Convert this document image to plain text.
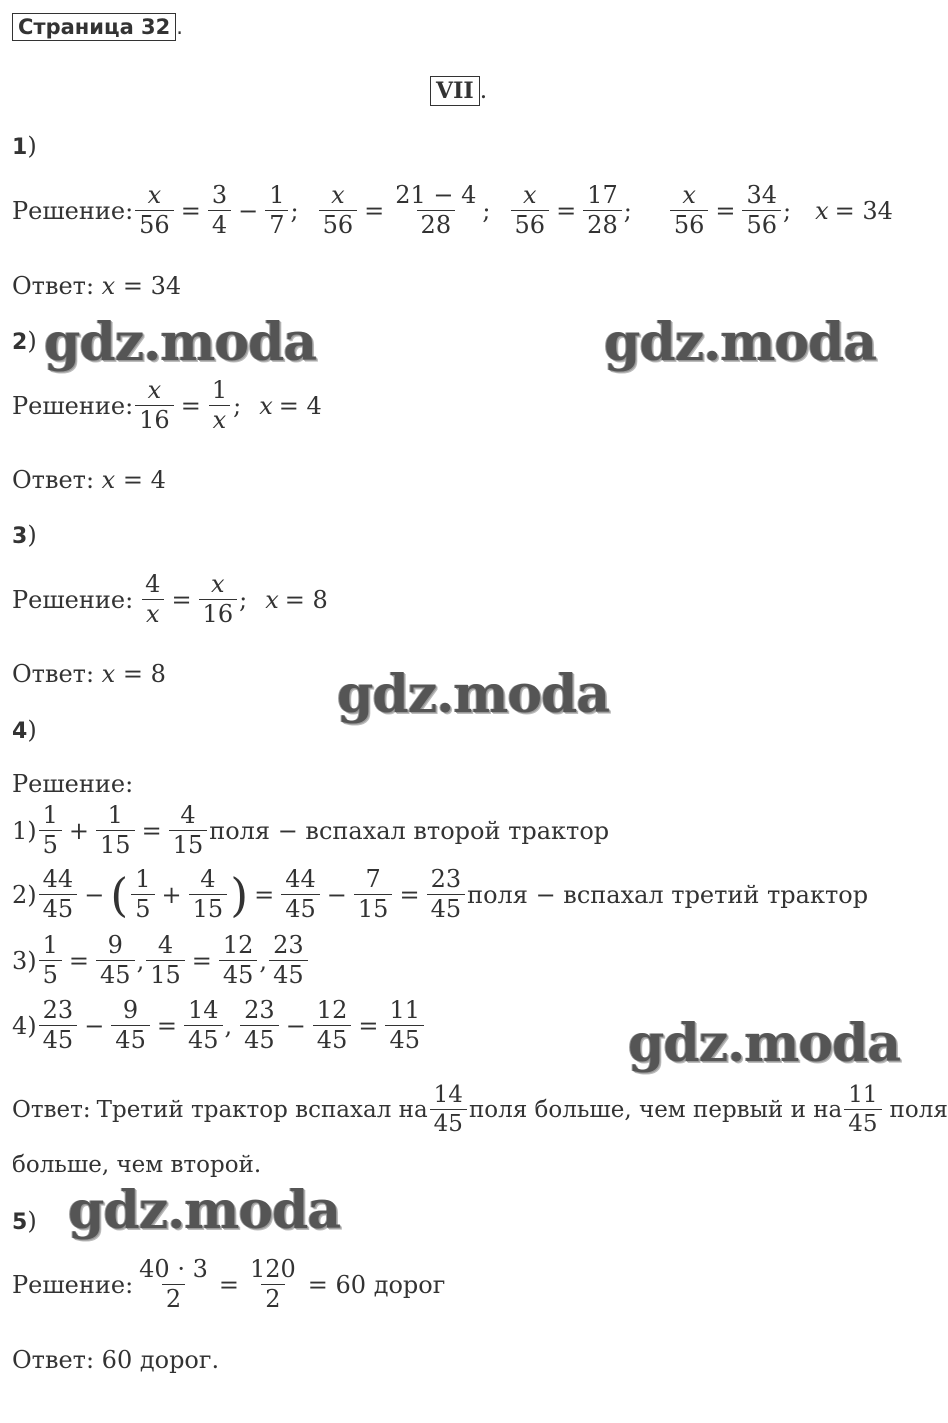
Страница 32 .
VII .
1)
Решение: $\frac{x}{56} = \frac{3}{4} - \frac{1}{7}$ ; $\frac{x}{56} = \frac{21 - 4}{28}$ ; $\frac{x}{56} = \frac{17}{28}$ ; $\frac{x}{56} = \frac{34}{56}$ ; x = 34
Ответ: x = 34
2)
Решение: $\frac{x}{16} = \frac{1}{x}$ ; x = 4
Ответ: x = 4
3)
Решение: $\frac{4}{x} = \frac{x}{16}$ ; x = 8
Ответ: x = 8
4)
Решение:
$1) \frac{1}{5} + \frac{1}{15} = \frac{4}{15}$ поля − вспахал второй трактор
$2) \frac{44}{45}$ − ( $\frac{1}{5} + \frac{4}{15}$ ) = $\frac{44}{45} - \frac{7}{15} = \frac{23}{45}$ поля − вспахал третий трактор
$3) \frac{1}{5} = \frac{9}{45}$ , $\frac{4}{15} = \frac{12}{45}$ , $\frac{23}{45}$
$4) \frac{23}{45} - \frac{9}{45} = \frac{14}{45}$ , $\frac{23}{45} - \frac{12}{45} = \frac{11}{45}$
Ответ: Третий трактор вспахал на $\frac{14}{45}$ поля больше, чем первый и на $\frac{11}{45}$ поля
больше, чем второй.
5)
Решение: $\frac{40 \cdot 3}{2} = \frac{120}{2} = 60$ дорог
Ответ: 60 дорог.
gdz.moda	gdz.moda
gdz.moda
gdz.moda
gdz.moda
